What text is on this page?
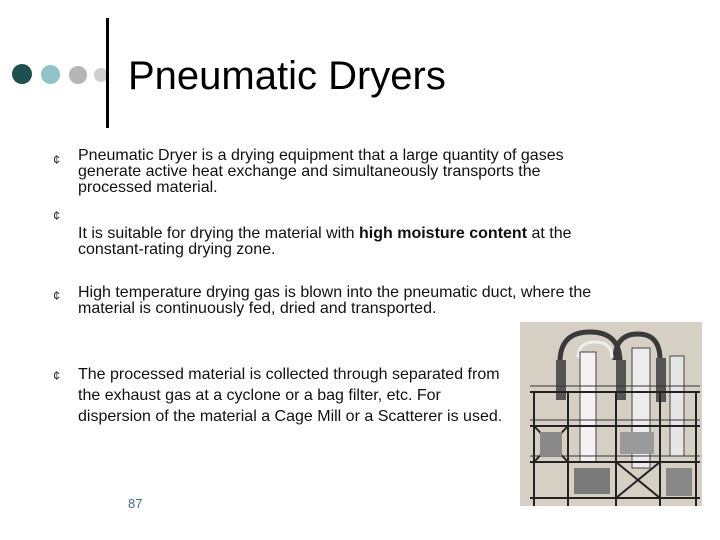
Pneumatic Dryers
¢ Pneumatic Dryer is a drying equipment that a large quantity of gases generate active heat exchange and simultaneously transports the processed material.
¢
It is suitable for drying the material with high moisture content at the constant-rating drying zone.
¢ High temperature drying gas is blown into the pneumatic duct, where the material is continuously fed, dried and transported.
¢ The processed material is collected through separated from the exhaust gas at a cyclone or a bag filter, etc. For dispersion of the material a Cage Mill or a Scatterer is used.
87
